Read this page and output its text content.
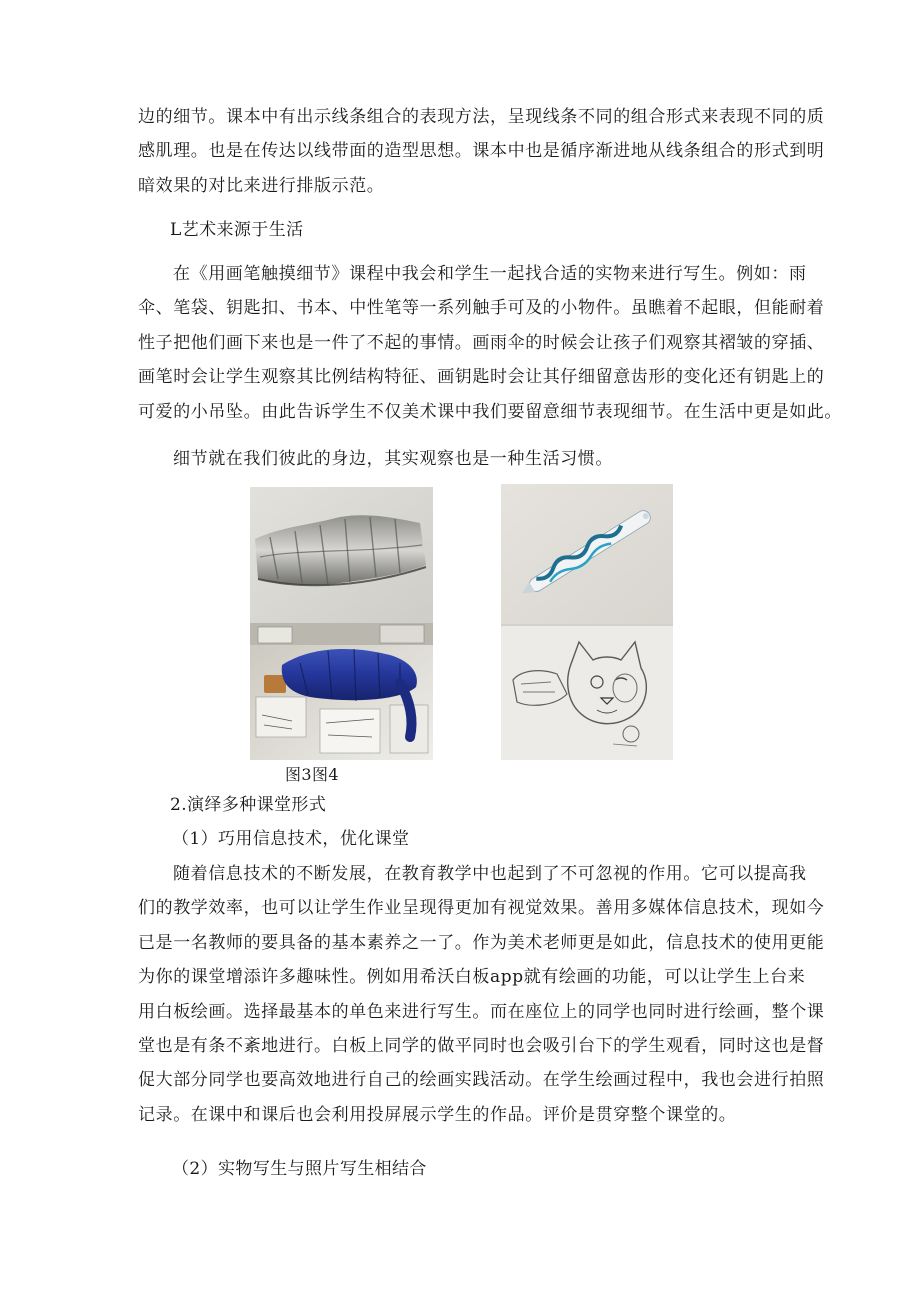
边的细节。课本中有出示线条组合的表现方法，呈现线条不同的组合形式来表现不同的质
感肌理。也是在传达以线带面的造型思想。课本中也是循序渐进地从线条组合的形式到明
暗效果的对比来进行排版示范。

L艺术来源于生活

在《用画笔触摸细节》课程中我会和学生一起找合适的实物来进行写生。例如：雨
伞、笔袋、钥匙扣、书本、中性笔等一系列触手可及的小物件。虽瞧着不起眼，但能耐着
性子把他们画下来也是一件了不起的事情。画雨伞的时候会让孩子们观察其褶皱的穿插、
画笔时会让学生观察其比例结构特征、画钥匙时会让其仔细留意齿形的变化还有钥匙上的
可爱的小吊坠。由此告诉学生不仅美术课中我们要留意细节表现细节。在生活中更是如此。
细节就在我们彼此的身边，其实观察也是一种生活习惯。
图3图4

2.演绎多种课堂形式

（1）巧用信息技术，优化课堂

随着信息技术的不断发展，在教育教学中也起到了不可忽视的作用。它可以提高我
们的教学效率，也可以让学生作业呈现得更加有视觉效果。善用多媒体信息技术，现如今
已是一名教师的要具备的基本素养之一了。作为美术老师更是如此，信息技术的使用更能
为你的课堂增添许多趣味性。例如用希沃白板app就有绘画的功能，可以让学生上台来
用白板绘画。选择最基本的单色来进行写生。而在座位上的同学也同时进行绘画，整个课
堂也是有条不紊地进行。白板上同学的做平同时也会吸引台下的学生观看，同时这也是督
促大部分同学也要高效地进行自己的绘画实践活动。在学生绘画过程中，我也会进行拍照
记录。在课中和课后也会利用投屏展示学生的作品。评价是贯穿整个课堂的。

（2）实物写生与照片写生相结合
